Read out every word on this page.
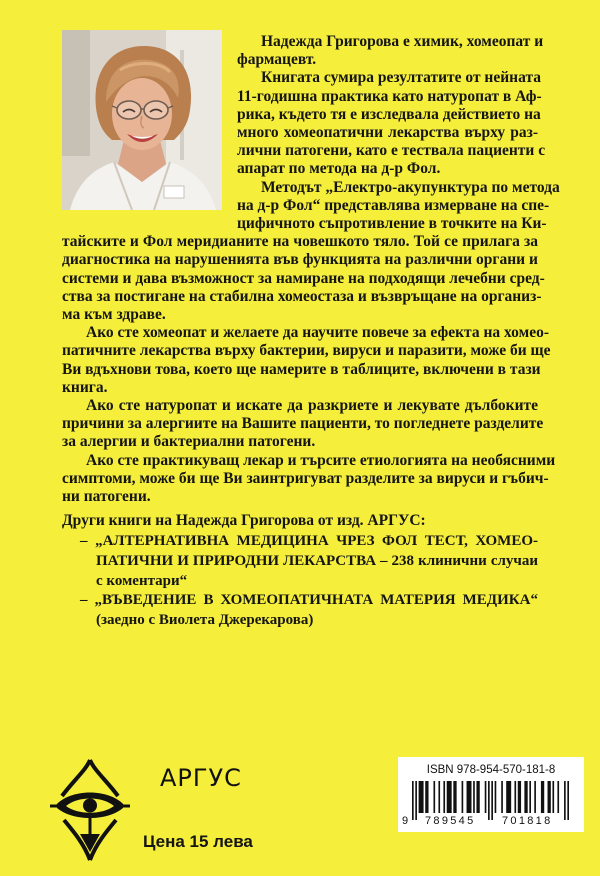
Надежда Григорова е химик, хомеопат и
фармацевт.
Книгата сумира резултатите от нейната
11-годишна практика като натуропат в Аф-
рика, където тя е изследвала действието на
много хомеопатични лекарства върху раз-
лични патогени, като е тествала пациенти с
апарат по метода на д-р Фол.
Методът „Електро-акупунктура по метода
на д-р Фол“ представлява измерване на спе-
цифичното съпротивление в точките на Ки-
тайските и Фол меридианите на човешкото тяло. Той се прилага за
диагностика на нарушенията във функцията на различни органи и
системи и дава възможност за намиране на подходящи лечебни сред-
ства за постигане на стабилна хомеостаза и възвръщане на организ-
ма към здраве.
Ако сте хомеопат и желаете да научите повече за ефекта на хомео-
патичните лекарства върху бактерии, вируси и паразити, може би ще
Ви вдъхнови това, което ще намерите в таблиците, включени в тази
книга.
Ако сте натуропат и искате да разкриете и лекувате дълбоките
причини за алергиите на Вашите пациенти, то погледнете разделите
за алергии и бактериални патогени.
Ако сте практикуващ лекар и търсите етиологията на необясними
симптоми, може би ще Ви заинтригуват разделите за вируси и гъбич-
ни патогени.
Други книги на Надежда Григорова от изд. АРГУС:
– „АЛТЕРНАТИВНА МЕДИЦИНА ЧРЕЗ ФОЛ ТЕСТ, ХОМЕО-
ПАТИЧНИ И ПРИРОДНИ ЛЕКАРСТВА – 238 клинични случаи
с коментари“
– „ВЪВЕДЕНИЕ В ХОМЕОПАТИЧНАТА МАТЕРИЯ МЕДИКА“
(заедно с Виолета Джерекарова)
АРГУС
Цена 15 лева
ISBN 978-954-570-181-8
9 789545 701818
